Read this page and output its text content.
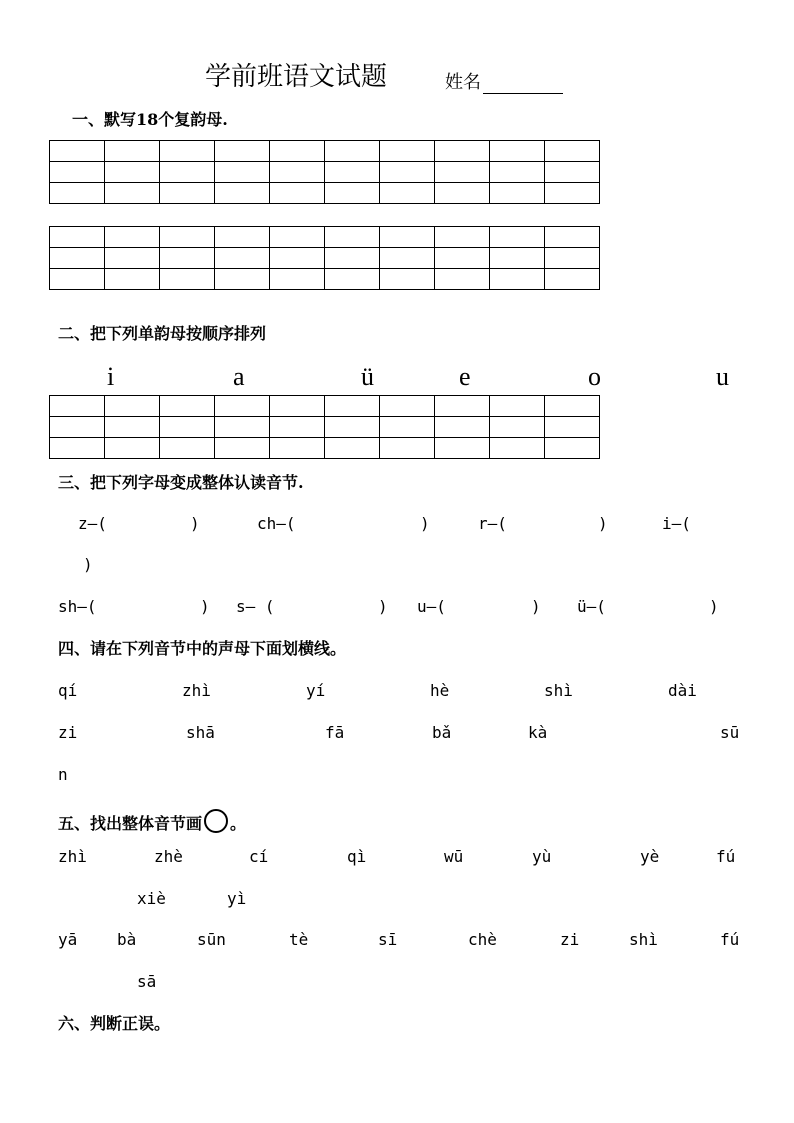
学前班语文试题	姓名
一、默写18个复韵母.

二、把下列单韵母按顺序排列
i	a	ü	e	o	u

三、把下列字母变成整体认读音节.
z—(	)	ch—(	)	r—(	)	i—(
)
sh—(	) s— (	) u—(	) ü—(	)
四、请在下列音节中的声母下面划横线。
qí	zhì	yí	hè	shì	dài
zi	shā	fā	bǎ	kà	sū
n
五、找出整体音节画 。
zhì	zhè	cí	qì	wū	yù	yè	fú
xiè	yì
yā bà	sūn	tè	sī	chè	zi	shì	fú
sā
六、判断正误。
